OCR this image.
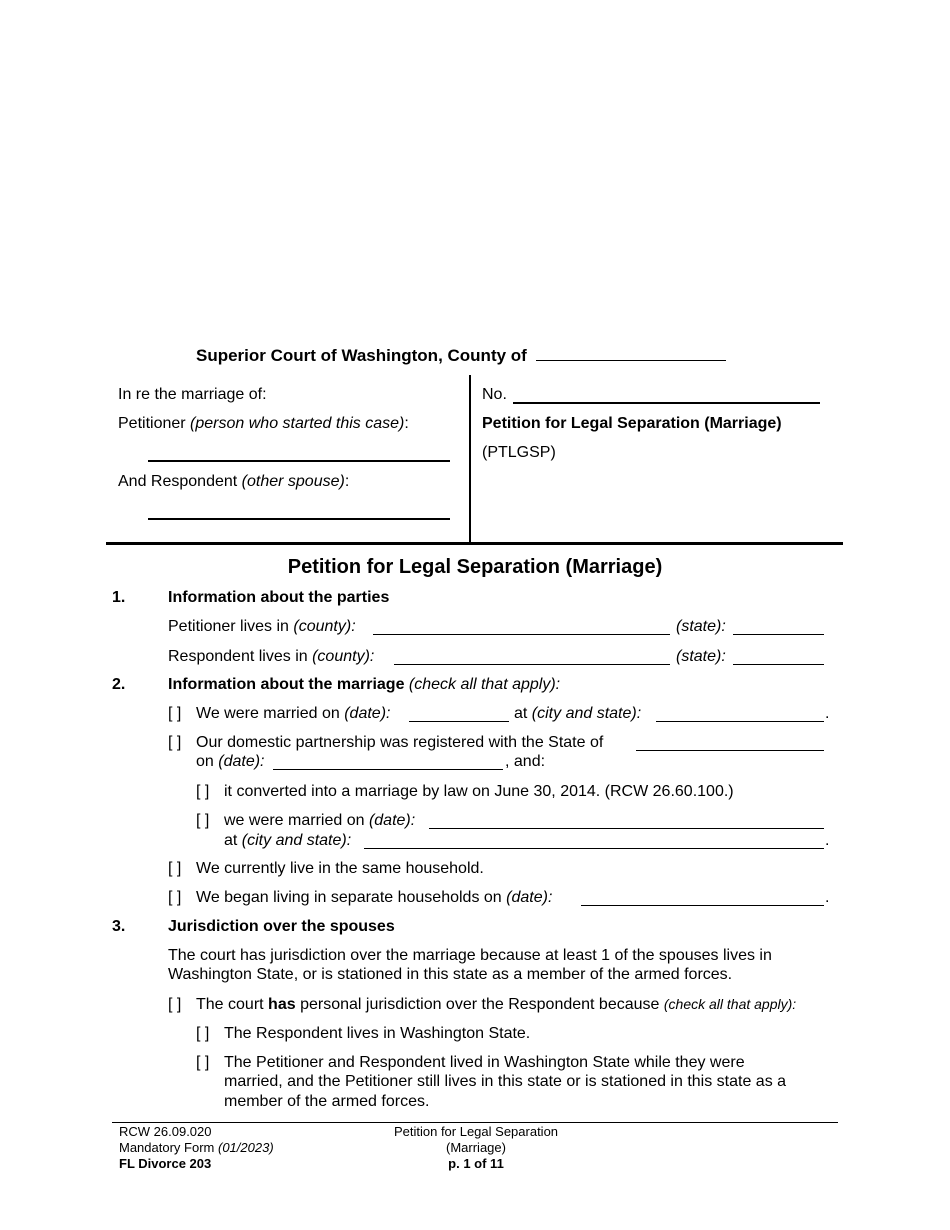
Superior Court of Washington, County of
In re the marriage of:
Petitioner (person who started this case):
And Respondent (other spouse):
No.
Petition for Legal Separation (Marriage)
(PTLGSP)
Petition for Legal Separation (Marriage)
1.	Information about the parties
Petitioner lives in (county):	(state):
Respondent lives in (county):	(state):
2.	Information about the marriage (check all that apply):
[ ] We were married on (date):	at (city and state):	.
[ ] Our domestic partnership was registered with the State of
on (date):	, and:
[ ] it converted into a marriage by law on June 30, 2014. (RCW 26.60.100.)
[ ] we were married on (date):
at (city and state):	.
[ ] We currently live in the same household.
[ ] We began living in separate households on (date):	.
3.	Jurisdiction over the spouses
The court has jurisdiction over the marriage because at least 1 of the spouses lives in
Washington State, or is stationed in this state as a member of the armed forces.
[ ] The court has personal jurisdiction over the Respondent because (check all that apply):
[ ] The Respondent lives in Washington State.
[ ] The Petitioner and Respondent lived in Washington State while they were
married, and the Petitioner still lives in this state or is stationed in this state as a
member of the armed forces.
RCW 26.09.020
Mandatory Form (01/2023)
FL Divorce 203
Petition for Legal Separation
(Marriage)
p. 1 of 11
